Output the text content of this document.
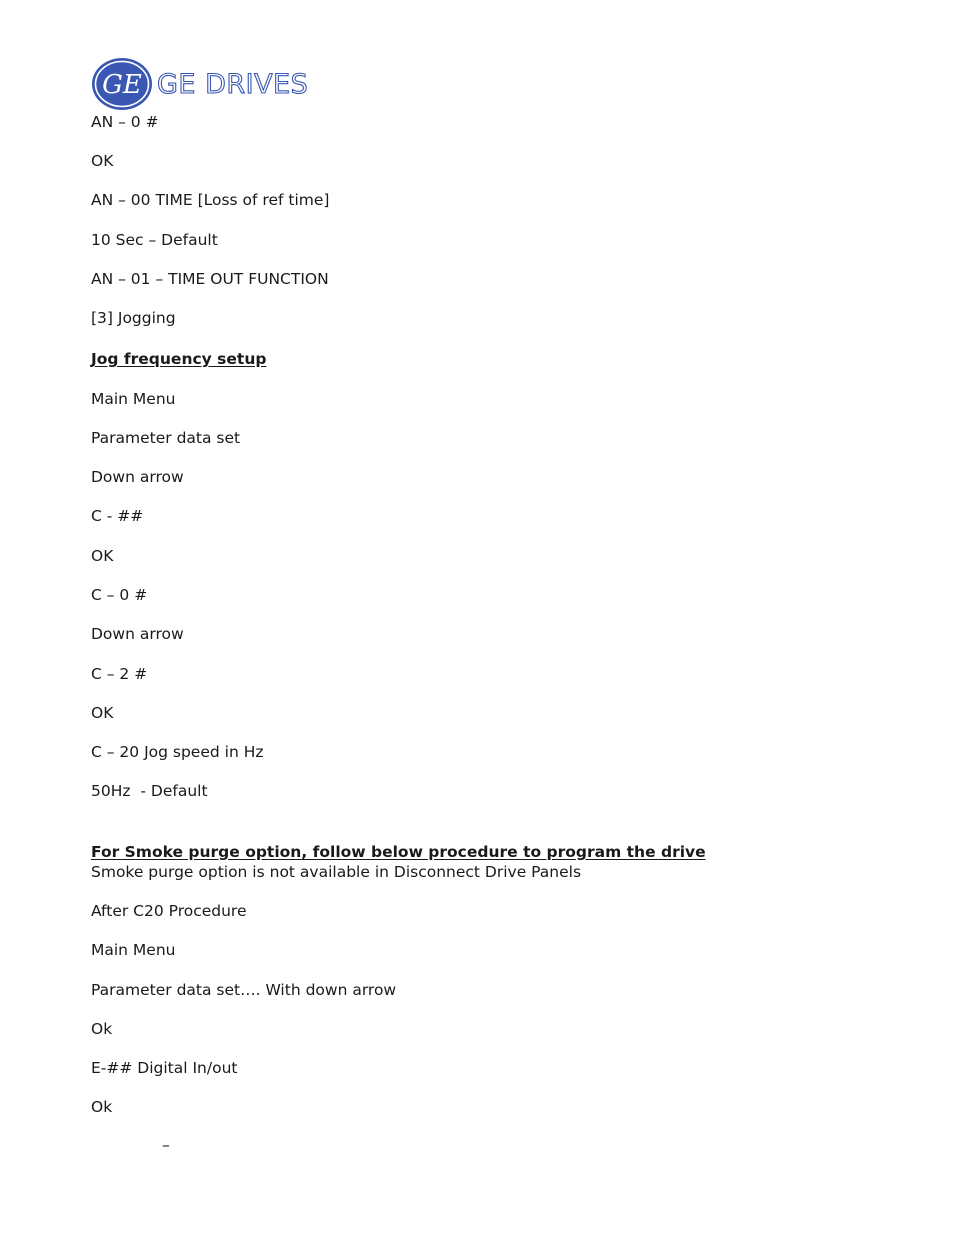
GE GE DRIVES
AN – 0 #
OK
AN – 00 TIME [Loss of ref time]
10 Sec – Default
AN – 01 – TIME OUT FUNCTION
[3] Jogging
Jog frequency setup
Main Menu
Parameter data set
Down arrow
C - ##
OK
C – 0 #
Down arrow
C – 2 #
OK
C – 20 Jog speed in Hz
50Hz  - Default
For Smoke purge option, follow below procedure to program the drive
Smoke purge option is not available in Disconnect Drive Panels
After C20 Procedure
Main Menu
Parameter data set…. With down arrow
Ok
E-## Digital In/out
Ok
–
